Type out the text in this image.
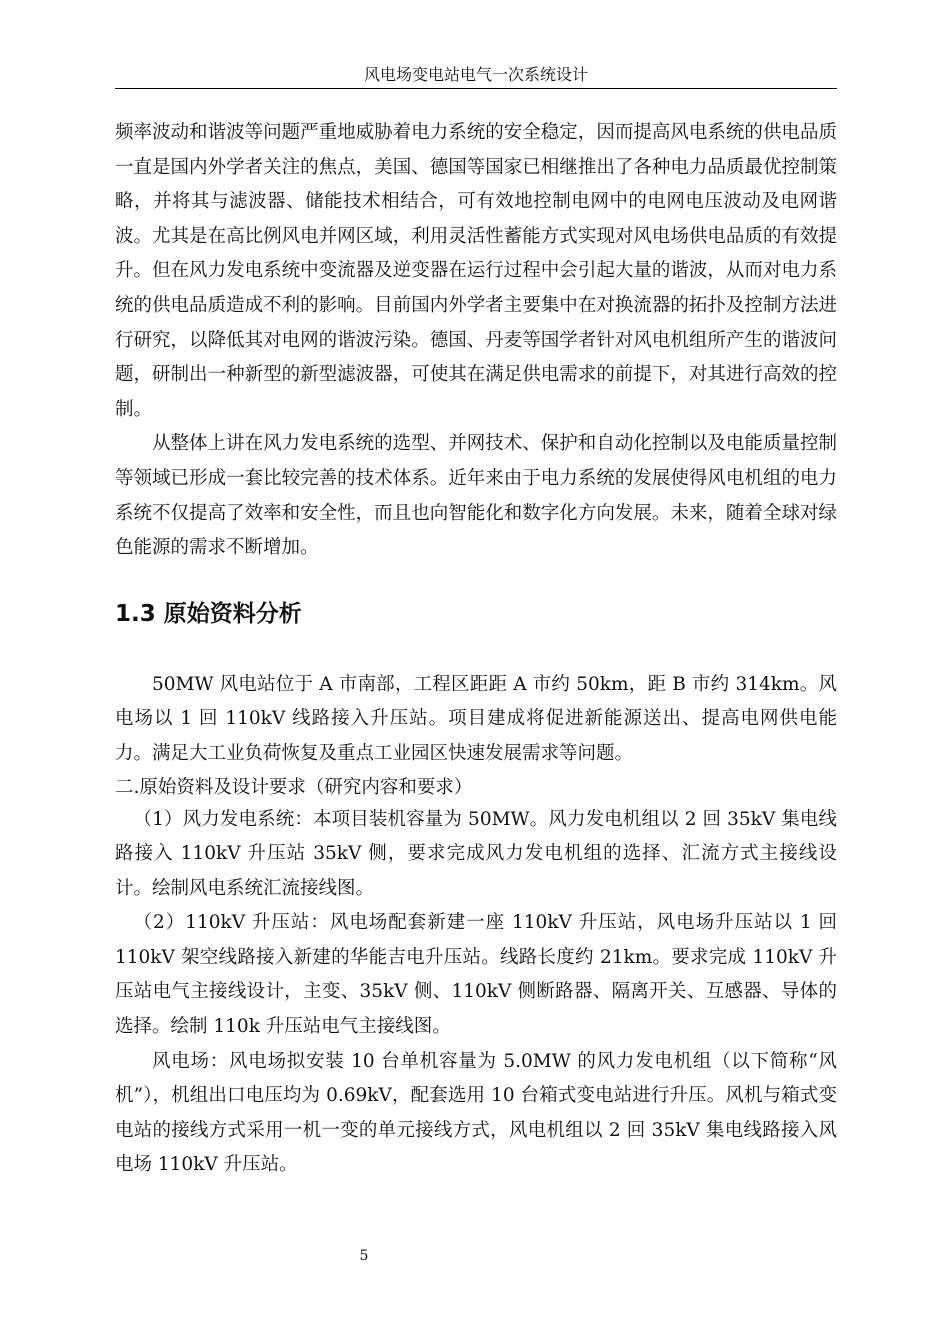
风电场变电站电气一次系统设计

频率波动和谐波等问题严重地威胁着电力系统的安全稳定，因而提高风电系统的供电品质一直是国内外学者关注的焦点，美国、德国等国家已相继推出了各种电力品质最优控制策略，并将其与滤波器、储能技术相结合，可有效地控制电网中的电网电压波动及电网谐波。尤其是在高比例风电并网区域，利用灵活性蓄能方式实现对风电场供电品质的有效提升。但在风力发电系统中变流器及逆变器在运行过程中会引起大量的谐波，从而对电力系统的供电品质造成不利的影响。目前国内外学者主要集中在对换流器的拓扑及控制方法进行研究，以降低其对电网的谐波污染。德国、丹麦等国学者针对风电机组所产生的谐波问题，研制出一种新型的新型滤波器，可使其在满足供电需求的前提下，对其进行高效的控制。

从整体上讲在风力发电系统的选型、并网技术、保护和自动化控制以及电能质量控制等领域已形成一套比较完善的技术体系。近年来由于电力系统的发展使得风电机组的电力系统不仅提高了效率和安全性，而且也向智能化和数字化方向发展。未来，随着全球对绿色能源的需求不断增加。

1.3 原始资料分析

50MW 风电站位于 A 市南部，工程区距距 A 市约 50km，距 B 市约 314km。风电场以 1 回 110kV 线路接入升压站。项目建成将促进新能源送出、提高电网供电能力。满足大工业负荷恢复及重点工业园区快速发展需求等问题。

二.原始资料及设计要求（研究内容和要求）

（1）风力发电系统：本项目装机容量为 50MW。风力发电机组以 2 回 35kV 集电线路接入 110kV 升压站 35kV 侧，要求完成风力发电机组的选择、汇流方式主接线设计。绘制风电系统汇流接线图。

（2）110kV 升压站：风电场配套新建一座 110kV 升压站，风电场升压站以 1 回 110kV 架空线路接入新建的华能吉电升压站。线路长度约 21km。要求完成 110kV 升压站电气主接线设计，主变、35kV 侧、110kV 侧断路器、隔离开关、互感器、导体的选择。绘制 110k 升压站电气主接线图。

风电场：风电场拟安装 10 台单机容量为 5.0MW 的风力发电机组（以下简称“风机”），机组出口电压均为 0.69kV，配套选用 10 台箱式变电站进行升压。风机与箱式变电站的接线方式采用一机一变的单元接线方式，风电机组以 2 回 35kV 集电线路接入风电场 110kV 升压站。

5
